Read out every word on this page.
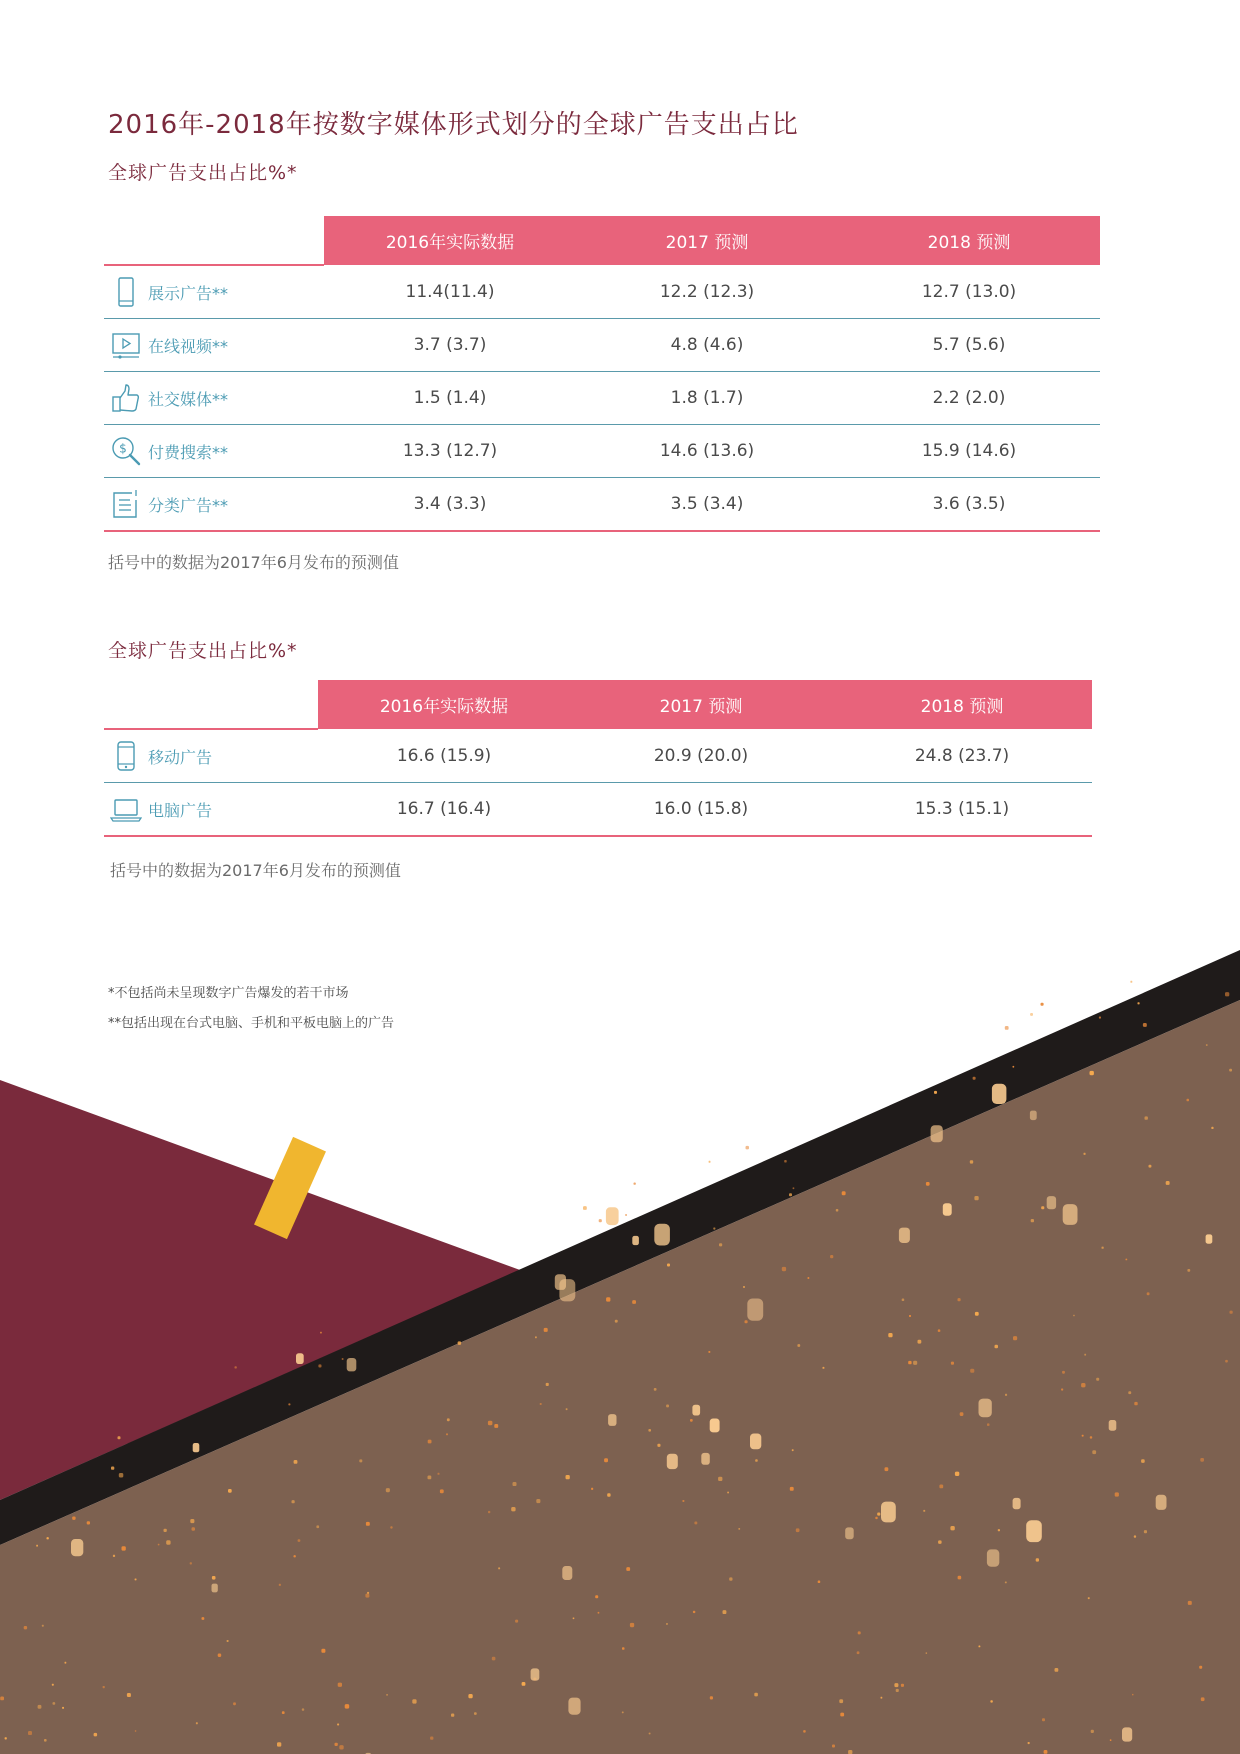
2016年-2018年按数字媒体形式划分的全球广告支出占比
全球广告支出占比%*
	2016年实际数据	2017 预测	2018 预测

展示广告**	11.4(11.4)	12.2 (12.3)	12.7 (13.0)

在线视频**	3.7 (3.7)	4.8 (4.6)	5.7 (5.6)

社交媒体**	1.5 (1.4)	1.8 (1.7)	2.2 (2.0)

$ 付费搜索**	13.3 (12.7)	14.6 (13.6)	15.9 (14.6)

分类广告**	3.4 (3.3)	3.5 (3.4)	3.6 (3.5)
括号中的数据为2017年6月发布的预测值
全球广告支出占比%*
	2016年实际数据	2017 预测	2018 预测

移动广告	16.6 (15.9)	20.9 (20.0)	24.8 (23.7)

电脑广告	16.7 (16.4)	16.0 (15.8)	15.3 (15.1)
括号中的数据为2017年6月发布的预测值
*不包括尚未呈现数字广告爆发的若干市场
**包括出现在台式电脑、手机和平板电脑上的广告
